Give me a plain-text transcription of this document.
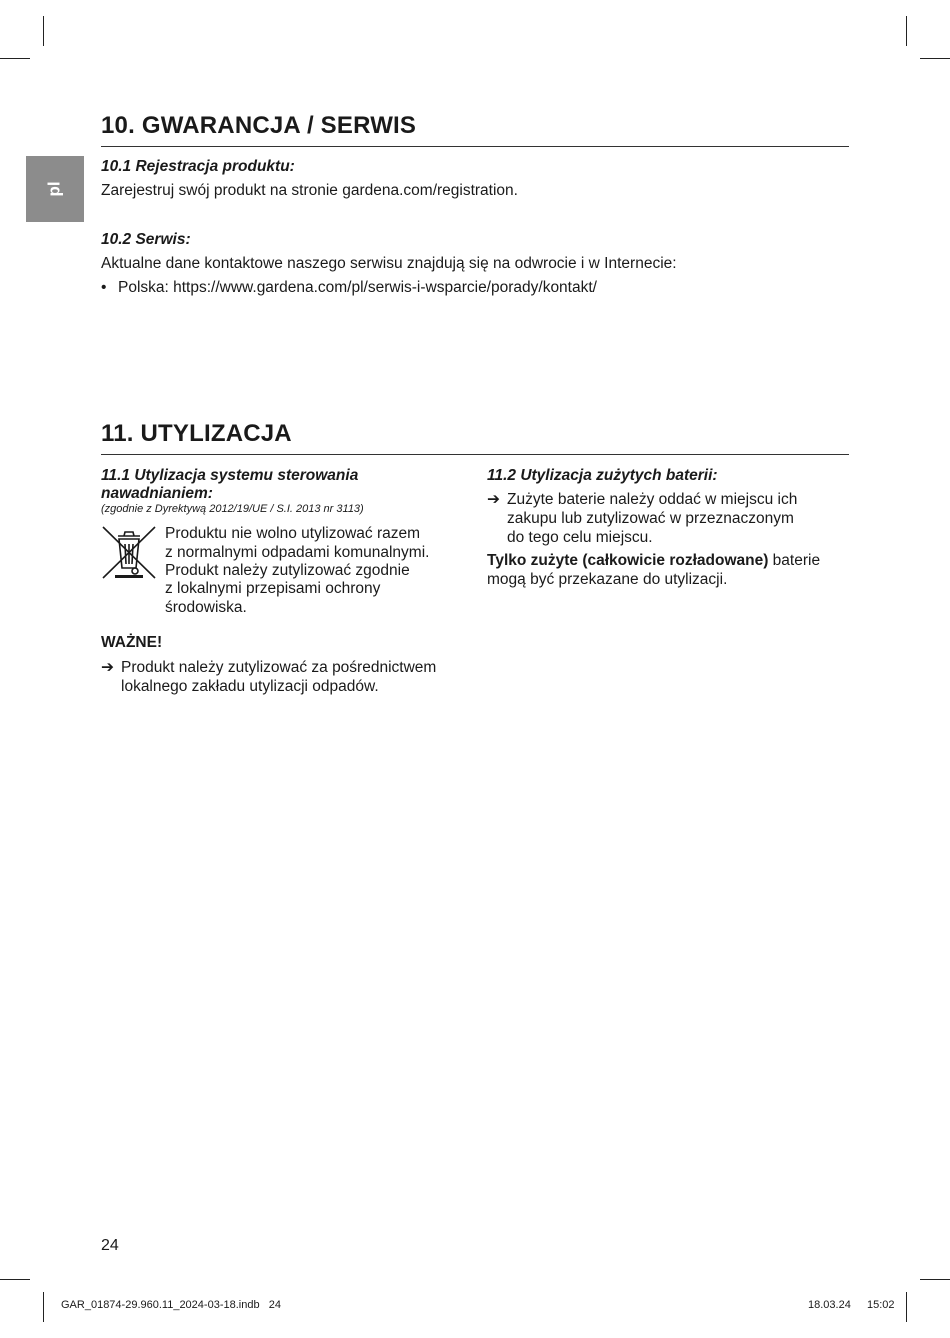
pl
10. GWARANCJA / SERWIS
10.1 Rejestracja produktu:
Zarejestruj swój produkt na stronie gardena.com/registration.
10.2 Serwis:
Aktualne dane kontaktowe naszego serwisu znajdują się na odwrocie i w Internecie:
• Polska: https://www.gardena.com/pl/serwis-i-wsparcie/porady/kontakt/
11. UTYLIZACJA
11.1 Utylizacja systemu sterowania
nawadnianiem:
(zgodnie z Dyrektywą 2012/19/UE / S.I. 2013 nr 3113)
Produktu nie wolno utylizować razem
z normalnymi odpadami komunalnymi.
Produkt należy zutylizować zgodnie
z lokalnymi przepisami ochrony
środowiska.
WAŻNE!
➔ Produkt należy zutylizować za pośrednictwem
lokalnego zakładu utylizacji odpadów.
11.2 Utylizacja zużytych baterii:
➔ Zużyte baterie należy oddać w miejscu ich
zakupu lub zutylizować w przeznaczonym
do tego celu miejscu.
Tylko zużyte (całkowicie rozładowane) baterie
mogą być przekazane do utylizacji.
24
GAR_01874-29.960.11_2024-03-18.indb   24	18.03.24 15:02
